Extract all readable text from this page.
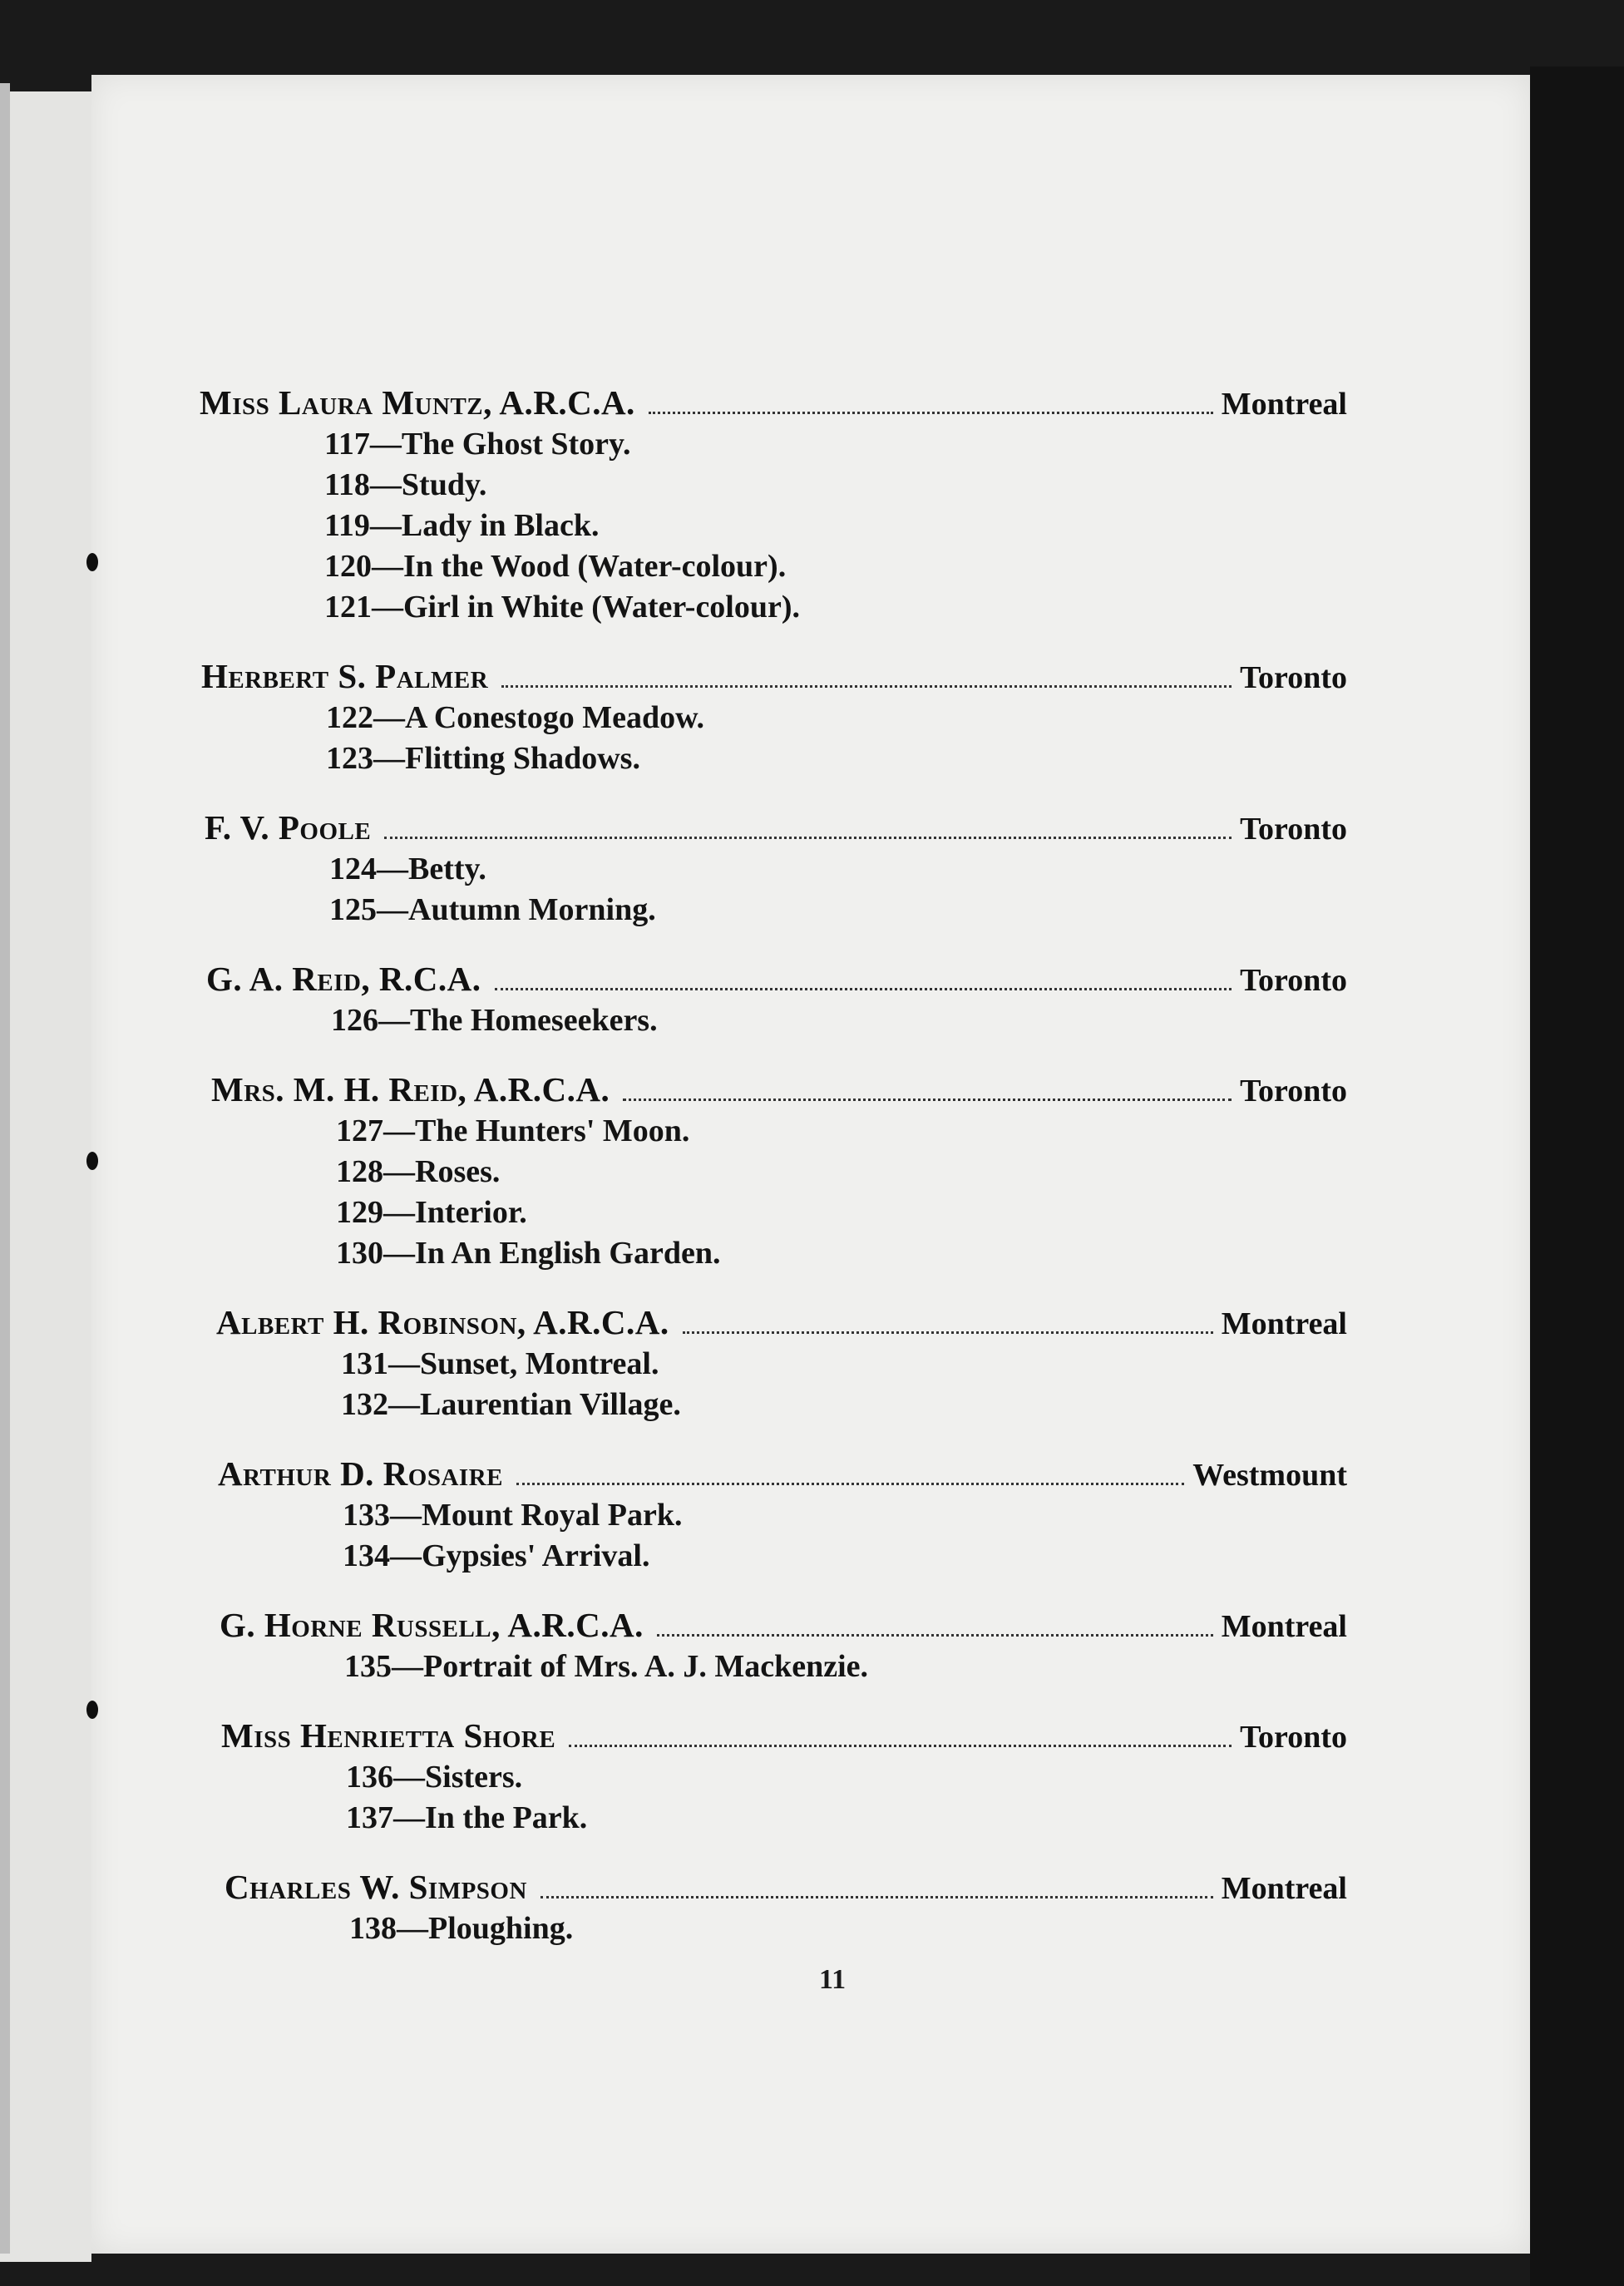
Miss Laura Muntz, A.R.C.A.	Montreal
117—The Ghost Story.
118—Study.
119—Lady in Black.
120—In the Wood (Water-colour).
121—Girl in White (Water-colour).
Herbert S. Palmer	Toronto
122—A Conestogo Meadow.
123—Flitting Shadows.
F. V. Poole	Toronto
124—Betty.
125—Autumn Morning.
G. A. Reid, R.C.A.	Toronto
126—The Homeseekers.
Mrs. M. H. Reid, A.R.C.A.	Toronto
127—The Hunters' Moon.
128—Roses.
129—Interior.
130—In An English Garden.
Albert H. Robinson, A.R.C.A.	Montreal
131—Sunset, Montreal.
132—Laurentian Village.
Arthur D. Rosaire	Westmount
133—Mount Royal Park.
134—Gypsies' Arrival.
G. Horne Russell, A.R.C.A.	Montreal
135—Portrait of Mrs. A. J. Mackenzie.
Miss Henrietta Shore	Toronto
136—Sisters.
137—In the Park.
Charles W. Simpson	Montreal
138—Ploughing.
11
